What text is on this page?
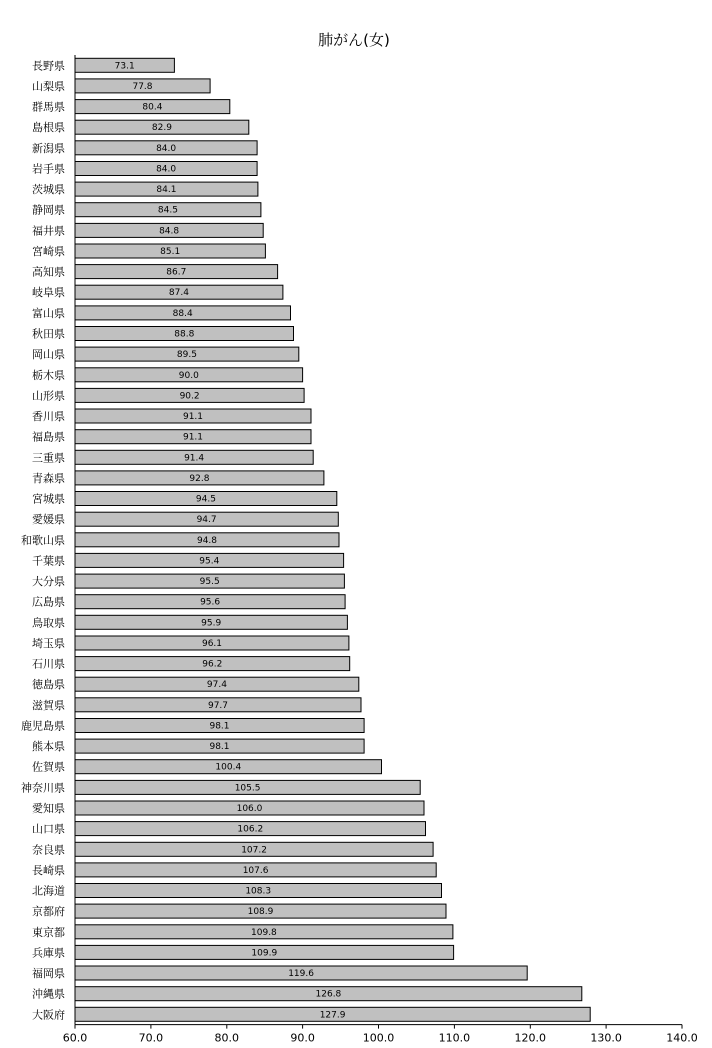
肺がん(女)
73.1
長野県
77.8
山梨県
80.4
群馬県
82.9
島根県
84.0
新潟県
84.0
岩手県
84.1
茨城県
84.5
静岡県
84.8
福井県
85.1
宮崎県
86.7
高知県
87.4
岐阜県
88.4
富山県
88.8
秋田県
89.5
岡山県
90.0
栃木県
90.2
山形県
91.1
香川県
91.1
福島県
91.4
三重県
92.8
青森県
94.5
宮城県
94.7
愛媛県
94.8
和歌山県
95.4
千葉県
95.5
大分県
95.6
広島県
95.9
鳥取県
96.1
埼玉県
96.2
石川県
97.4
徳島県
97.7
滋賀県
98.1
鹿児島県
98.1
熊本県
100.4
佐賀県
105.5
神奈川県
106.0
愛知県
106.2
山口県
107.2
奈良県
107.6
長崎県
108.3
北海道
108.9
京都府
109.8
東京都
109.9
兵庫県
119.6
福岡県
126.8
沖縄県
127.9
大阪府
60.0	70.0	80.0	90.0	100.0	110.0	120.0	130.0	140.0
